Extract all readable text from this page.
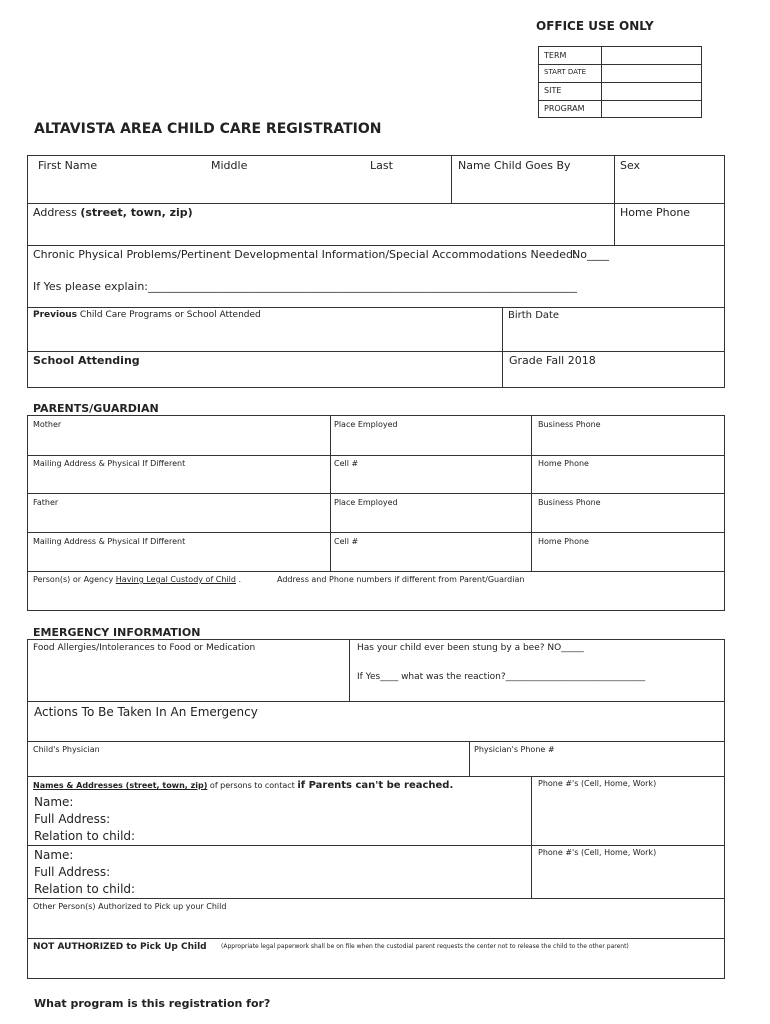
OFFICE USE ONLY
TERM
START DATE
SITE
PROGRAM
ALTAVISTA AREA CHILD CARE REGISTRATION
First Name	Middle	Last	Name Child Goes By	Sex
Address (street, town, zip)	Home Phone
Chronic Physical Problems/Pertinent Developmental Information/Special Accommodations Needed:
No____
If Yes please explain:______________________________________________________________________________
Previous Child Care Programs or School Attended	Birth Date
School Attending	Grade Fall 2018
PARENTS/GUARDIAN
Mother	Place Employed	Business Phone
Mailing Address & Physical If Different	Cell #	Home Phone
Father	Place Employed	Business Phone
Mailing Address & Physical If Different	Cell #	Home Phone
Person(s) or Agency Having Legal Custody of Child .	Address and Phone numbers if different from Parent/Guardian
EMERGENCY INFORMATION
Food Allergies/Intolerances to Food or Medication	Has your child ever been stung by a bee? NO_____
If Yes____ what was the reaction?_______________________________
Actions To Be Taken In An Emergency
Child's Physician	Physician's Phone #
Names & Addresses (street, town, zip) of persons to contact if Parents can't be reached.	Phone #'s (Cell, Home, Work)
Name:
Full Address:
Relation to child:
Phone #'s (Cell, Home, Work)
Name:
Full Address:
Relation to child:
Other Person(s) Authorized to Pick up your Child
NOT AUTHORIZED to Pick Up Child (Appropriate legal paperwork shall be on file when the custodial parent requests the center not to release the child to the other parent)
What program is this registration for?
